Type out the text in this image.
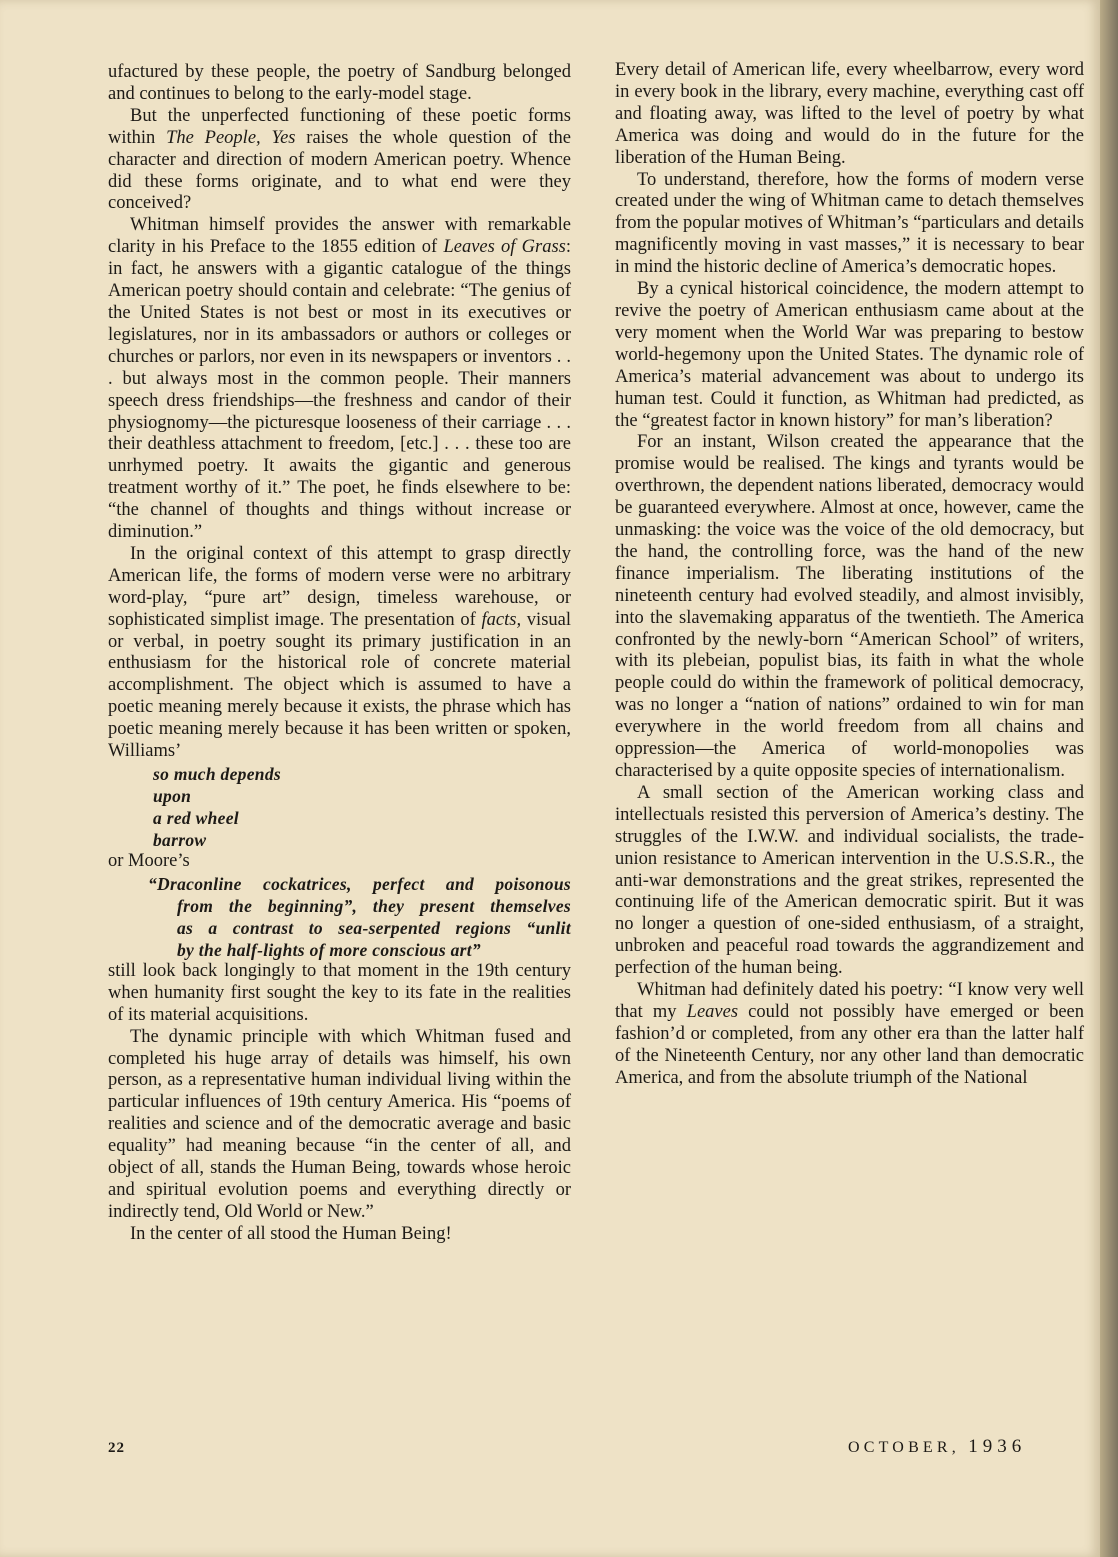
ufactured by these people, the poetry of Sandburg belonged and continues to belong to the early-model stage.

But the unperfected functioning of these poetic forms within The People, Yes raises the whole question of the character and direction of modern American poetry. Whence did these forms originate, and to what end were they conceived?

Whitman himself provides the answer with remarkable clarity in his Preface to the 1855 edition of Leaves of Grass: in fact, he answers with a gigantic catalogue of the things American poetry should contain and celebrate: “The genius of the United States is not best or most in its executives or legislatures, nor in its ambassadors or authors or colleges or churches or parlors, nor even in its newspapers or inventors . . . but always most in the common people. Their manners speech dress friendships—the freshness and candor of their physiognomy—the picturesque looseness of their carriage . . . their deathless attachment to freedom, [etc.] . . . these too are unrhymed poetry. It awaits the gigantic and generous treatment worthy of it.” The poet, he finds elsewhere to be: “the channel of thoughts and things without increase or diminution.”

In the original context of this attempt to grasp directly American life, the forms of modern verse were no arbitrary word-play, “pure art” design, timeless warehouse, or sophisticated simplist image. The presentation of facts, visual or verbal, in poetry sought its primary justification in an enthusiasm for the historical role of concrete material accomplishment. The object which is assumed to have a poetic meaning merely because it exists, the phrase which has poetic meaning merely because it has been written or spoken, Williams’

so much depends
upon
a red wheel
barrow

or Moore’s

“Draconline cockatrices, perfect and poisonous
from the beginning”, they present themselves
as a contrast to sea-serpented regions “unlit
by the half-lights of more conscious art”

still look back longingly to that moment in the 19th century when humanity first sought the key to its fate in the realities of its material acquisitions.

The dynamic principle with which Whitman fused and completed his huge array of details was himself, his own person, as a representative human individual living within the particular influences of 19th century America. His “poems of realities and science and of the democratic average and basic equality” had meaning because “in the center of all, and object of all, stands the Human Being, towards whose heroic and spiritual evolution poems and everything directly or indirectly tend, Old World or New.”

In the center of all stood the Human Being!

Every detail of American life, every wheelbarrow, every word in every book in the library, every machine, everything cast off and floating away, was lifted to the level of poetry by what America was doing and would do in the future for the liberation of the Human Being.

To understand, therefore, how the forms of modern verse created under the wing of Whitman came to detach themselves from the popular motives of Whitman’s “particulars and details magnificently moving in vast masses,” it is necessary to bear in mind the historic decline of America’s democratic hopes.

By a cynical historical coincidence, the modern attempt to revive the poetry of American enthusiasm came about at the very moment when the World War was preparing to bestow world-hegemony upon the United States. The dynamic role of America’s material advancement was about to undergo its human test. Could it function, as Whitman had predicted, as the “greatest factor in known history” for man’s liberation?

For an instant, Wilson created the appearance that the promise would be realised. The kings and tyrants would be overthrown, the dependent nations liberated, democracy would be guaranteed everywhere. Almost at once, however, came the unmasking: the voice was the voice of the old democracy, but the hand, the controlling force, was the hand of the new finance imperialism. The liberating institutions of the nineteenth century had evolved steadily, and almost invisibly, into the slavemaking apparatus of the twentieth. The America confronted by the newly-born “American School” of writers, with its plebeian, populist bias, its faith in what the whole people could do within the framework of political democracy, was no longer a “nation of nations” ordained to win for man everywhere in the world freedom from all chains and oppression—the America of world-monopolies was characterised by a quite opposite species of internationalism.

A small section of the American working class and intellectuals resisted this perversion of America’s destiny. The struggles of the I.W.W. and individual socialists, the trade-union resistance to American intervention in the U.S.S.R., the anti-war demonstrations and the great strikes, represented the continuing life of the American democratic spirit. But it was no longer a question of one-sided enthusiasm, of a straight, unbroken and peaceful road towards the aggrandizement and perfection of the human being.

Whitman had definitely dated his poetry: “I know very well that my Leaves could not possibly have emerged or been fashion’d or completed, from any other era than the latter half of the Nineteenth Century, nor any other land than democratic America, and from the absolute triumph of the National

22	OCTOBER, 1936
